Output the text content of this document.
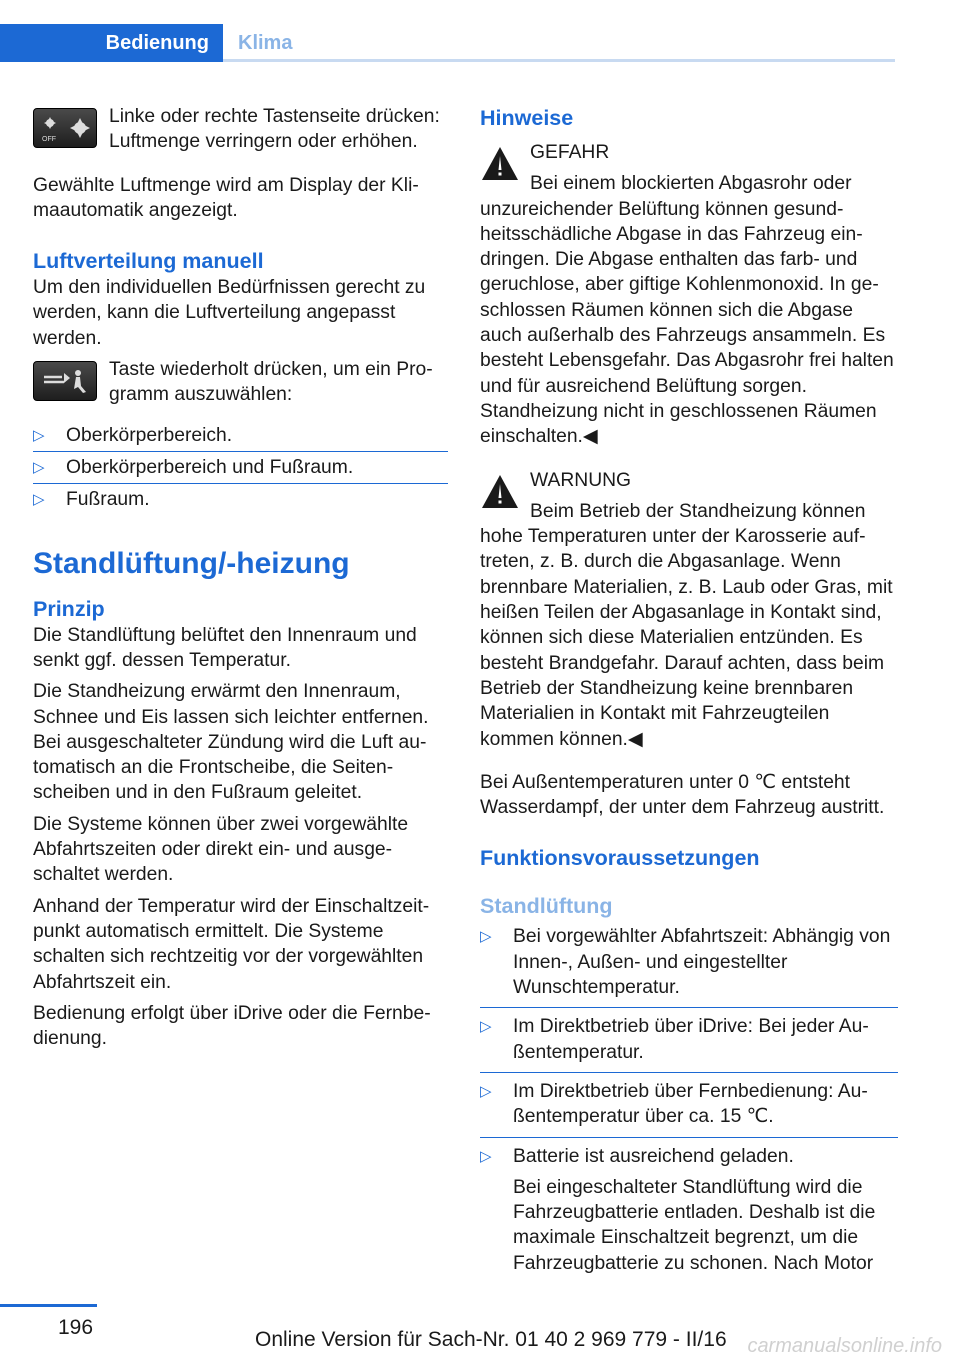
Bedienung Klima
OFF

Linke oder rechte Tastenseite drücken: Luftmenge verringern oder erhöhen.

Gewählte Luftmenge wird am Display der Klimaautomatik angezeigt.

Luftverteilung manuell

Um den individuellen Bedürfnissen gerecht zu werden, kann die Luftverteilung angepasst werden.

Taste wiederholt drücken, um ein Programm auszuwählen:

▷ Oberkörperbereich.
▷ Oberkörperbereich und Fußraum.
▷ Fußraum.
Standlüftung/-heizung
Prinzip

Die Standlüftung belüftet den Innenraum und senkt ggf. dessen Temperatur.

Die Standheizung erwärmt den Innenraum, Schnee und Eis lassen sich leichter entfernen. Bei ausgeschalteter Zündung wird die Luft automatisch an die Frontscheibe, die Seitenscheiben und in den Fußraum geleitet.

Die Systeme können über zwei vorgewählte Abfahrtszeiten oder direkt ein- und ausgeschaltet werden.

Anhand der Temperatur wird der Einschaltzeitpunkt automatisch ermittelt. Die Systeme schalten sich rechtzeitig vor der vorgewählten Abfahrtszeit ein.

Bedienung erfolgt über iDrive oder die Fernbedienung.

Hinweise

GEFAHR

Bei einem blockierten Abgasrohr oder unzureichender Belüftung können gesundheitsschädliche Abgase in das Fahrzeug eindringen. Die Abgase enthalten das farb- und geruchlose, aber giftige Kohlenmonoxid. In geschlossen Räumen können sich die Abgase auch außerhalb des Fahrzeugs ansammeln. Es besteht Lebensgefahr. Das Abgasrohr frei halten und für ausreichend Belüftung sorgen. Standheizung nicht in geschlossenen Räumen einschalten.◀

WARNUNG

Beim Betrieb der Standheizung können hohe Temperaturen unter der Karosserie auftreten, z. B. durch die Abgasanlage. Wenn brennbare Materialien, z. B. Laub oder Gras, mit heißen Teilen der Abgasanlage in Kontakt sind, können sich diese Materialien entzünden. Es besteht Brandgefahr. Darauf achten, dass beim Betrieb der Standheizung keine brennbaren Materialien in Kontakt mit Fahrzeugteilen kommen können.◀

Bei Außentemperaturen unter 0 ℃ entsteht Wasserdampf, der unter dem Fahrzeug austritt.

Funktionsvoraussetzungen
Standlüftung
▷ Bei vorgewählter Abfahrtszeit: Abhängig von Innen-, Außen- und eingestellter Wunschtemperatur.
▷ Im Direktbetrieb über iDrive: Bei jeder Außentemperatur.
▷ Im Direktbetrieb über Fernbedienung: Außentemperatur über ca. 15 ℃.
▷ Batterie ist ausreichend geladen.

Bei eingeschalteter Standlüftung wird die Fahrzeugbatterie entladen. Deshalb ist die maximale Einschaltzeit begrenzt, um die Fahrzeugbatterie zu schonen. Nach Motor

196
Online Version für Sach-Nr. 01 40 2 969 779 - II/16 carmanualsonline.info
